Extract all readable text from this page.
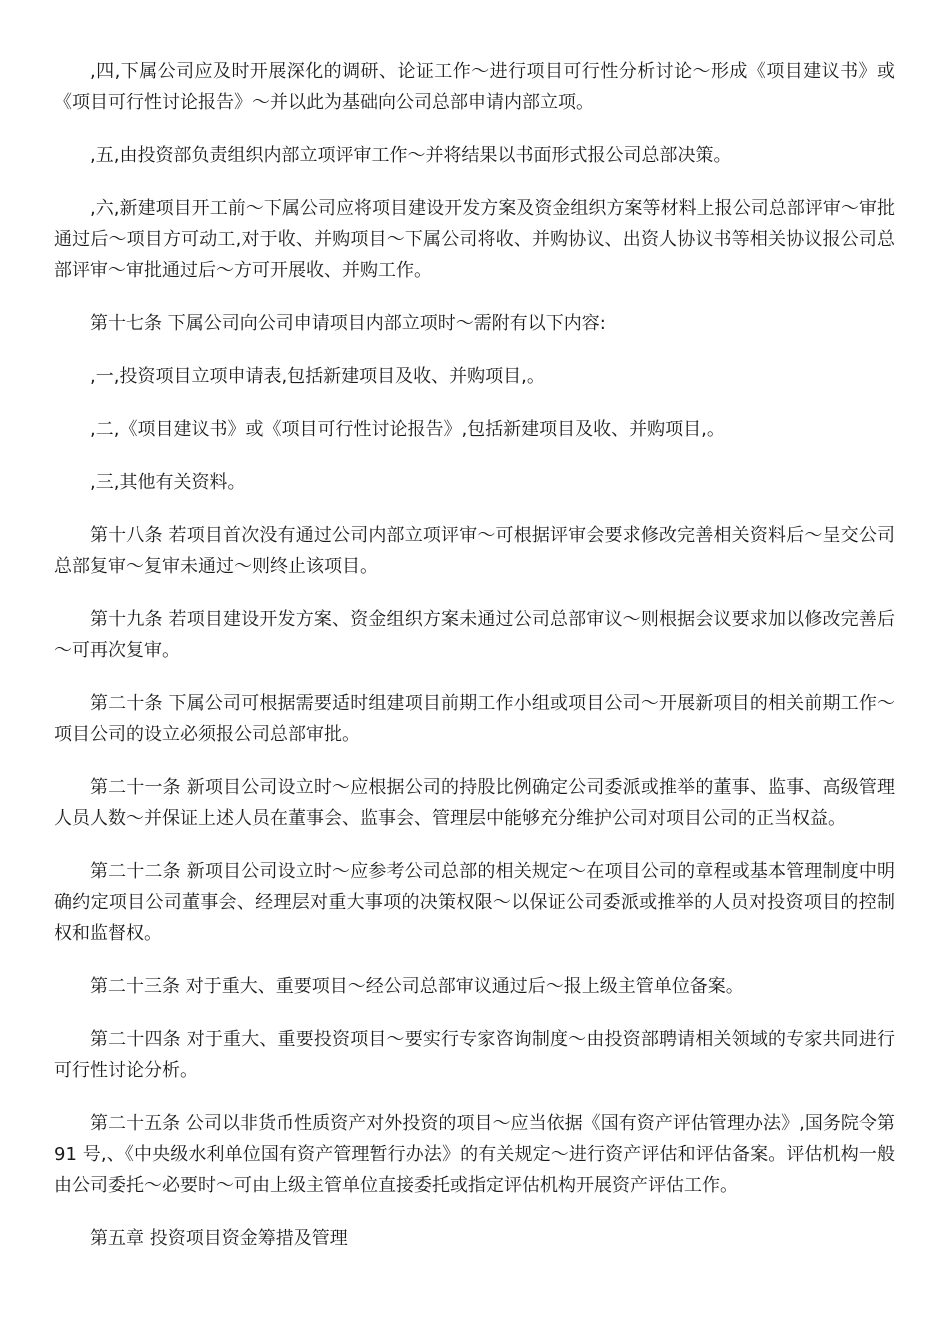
,四,下属公司应及时开展深化的调研、论证工作～进行项目可行性分析讨论～形成《项目建议书》或《项目可行性讨论报告》～并以此为基础向公司总部申请内部立项。

,五,由投资部负责组织内部立项评审工作～并将结果以书面形式报公司总部决策。

,六,新建项目开工前～下属公司应将项目建设开发方案及资金组织方案等材料上报公司总部评审～审批通过后～项目方可动工,对于收、并购项目～下属公司将收、并购协议、出资人协议书等相关协议报公司总部评审～审批通过后～方可开展收、并购工作。

第十七条 下属公司向公司申请项目内部立项时～需附有以下内容:

,一,投资项目立项申请表,包括新建项目及收、并购项目,。

,二,《项目建议书》或《项目可行性讨论报告》,包括新建项目及收、并购项目,。

,三,其他有关资料。

第十八条 若项目首次没有通过公司内部立项评审～可根据评审会要求修改完善相关资料后～呈交公司总部复审～复审未通过～则终止该项目。

第十九条 若项目建设开发方案、资金组织方案未通过公司总部审议～则根据会议要求加以修改完善后～可再次复审。

第二十条 下属公司可根据需要适时组建项目前期工作小组或项目公司～开展新项目的相关前期工作～项目公司的设立必须报公司总部审批。

第二十一条 新项目公司设立时～应根据公司的持股比例确定公司委派或推举的董事、监事、高级管理人员人数～并保证上述人员在董事会、监事会、管理层中能够充分维护公司对项目公司的正当权益。

第二十二条 新项目公司设立时～应参考公司总部的相关规定～在项目公司的章程或基本管理制度中明确约定项目公司董事会、经理层对重大事项的决策权限～以保证公司委派或推举的人员对投资项目的控制权和监督权。

第二十三条 对于重大、重要项目～经公司总部审议通过后～报上级主管单位备案。

第二十四条 对于重大、重要投资项目～要实行专家咨询制度～由投资部聘请相关领域的专家共同进行可行性讨论分析。

第二十五条 公司以非货币性质资产对外投资的项目～应当依据《国有资产评估管理办法》,国务院令第 91 号,、《中央级水利单位国有资产管理暂行办法》的有关规定～进行资产评估和评估备案。评估机构一般由公司委托～必要时～可由上级主管单位直接委托或指定评估机构开展资产评估工作。

第五章 投资项目资金筹措及管理
